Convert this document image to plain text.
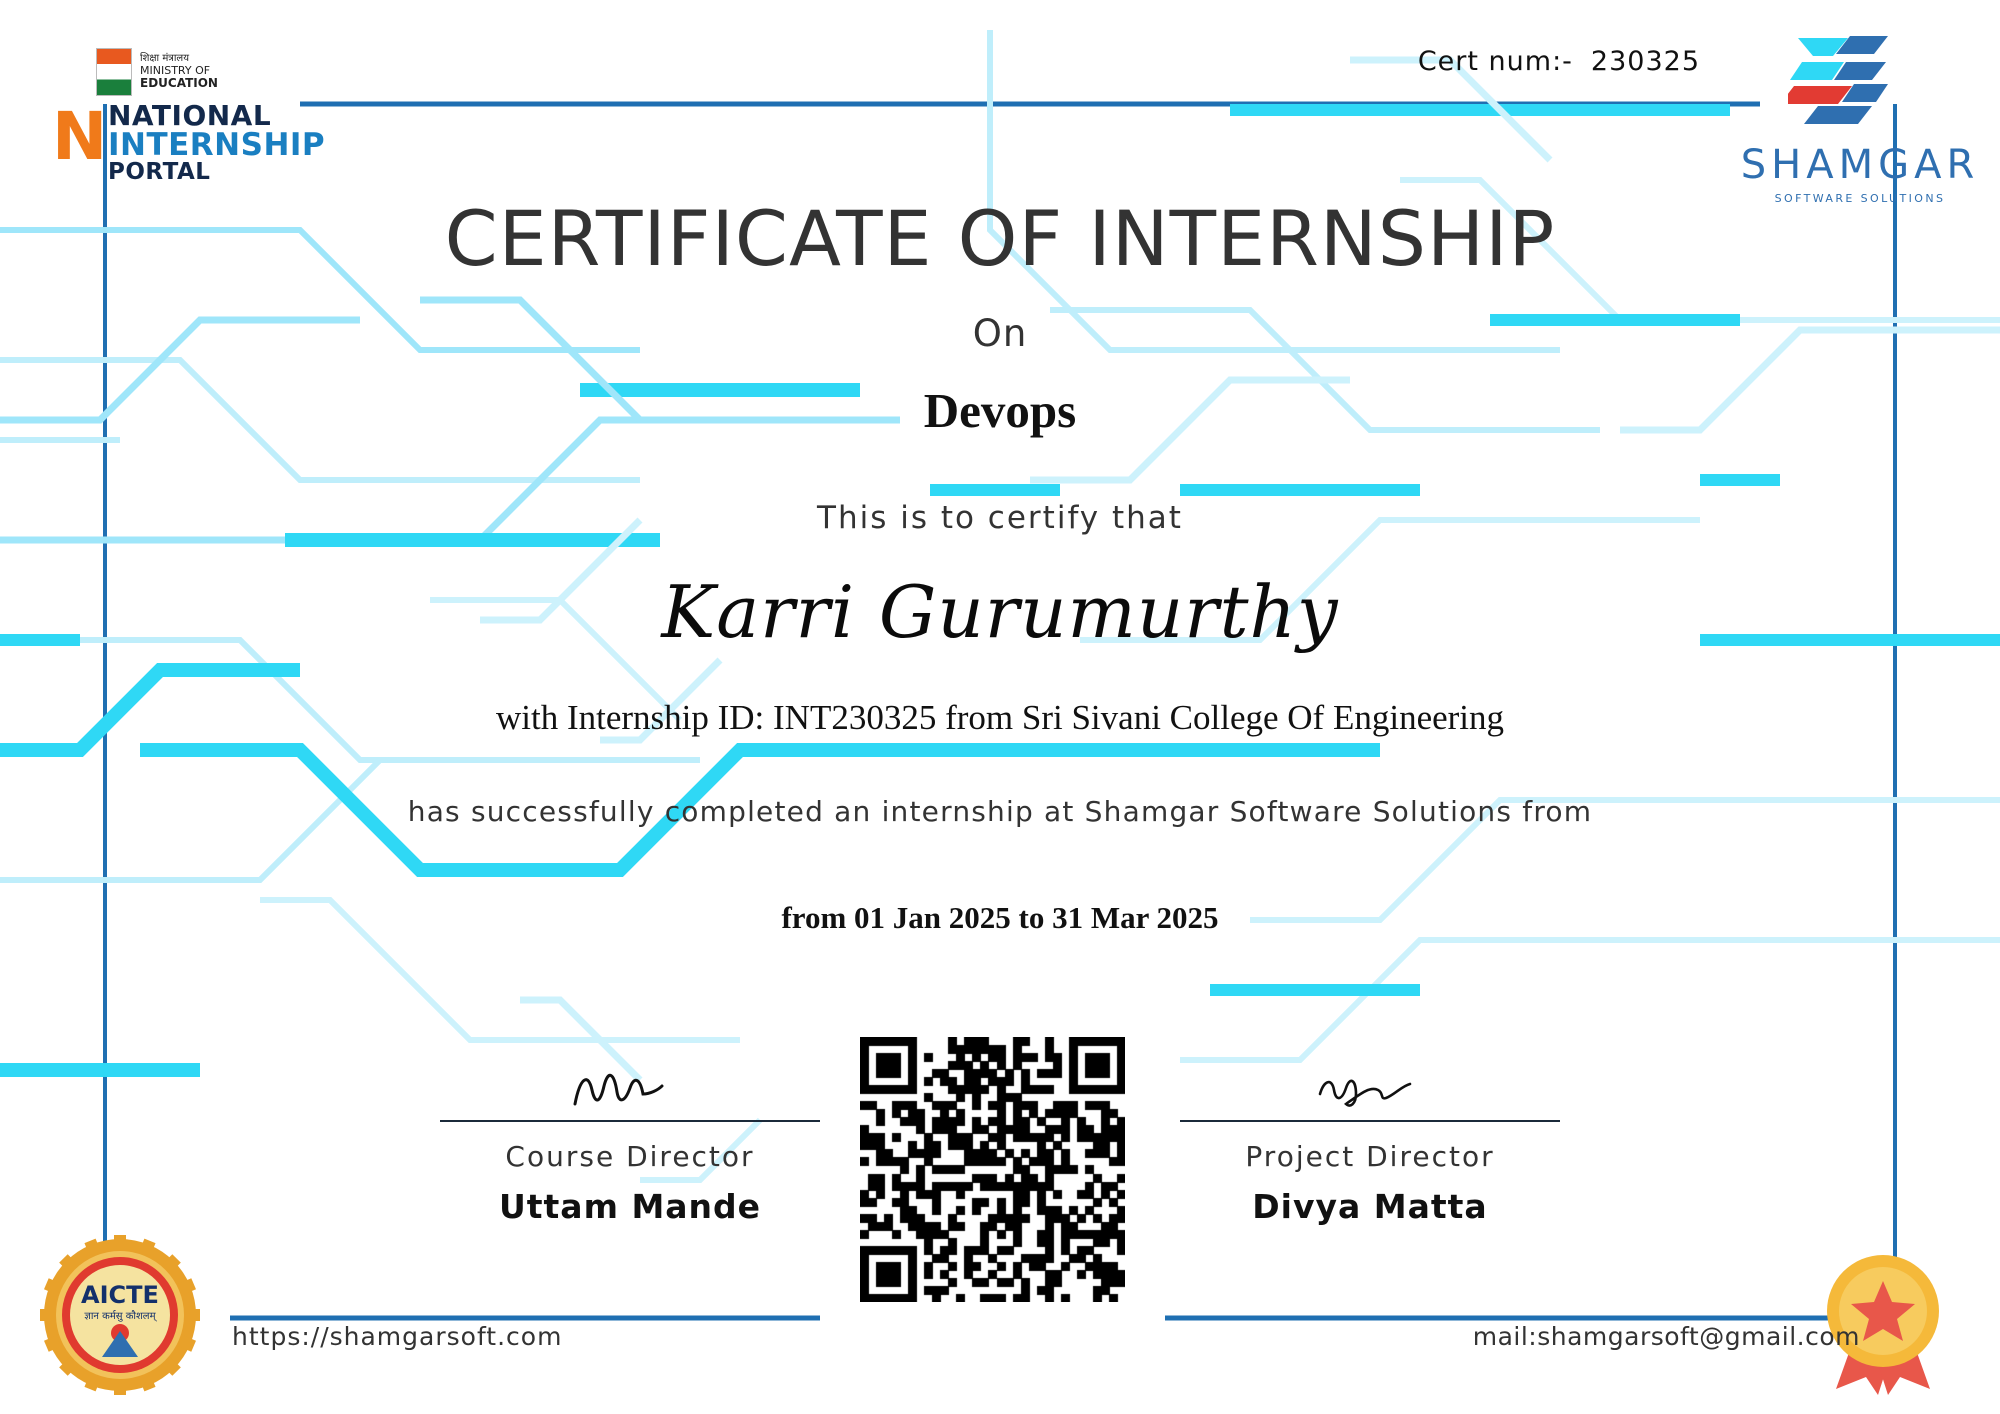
शिक्षा मंत्रालय
MINISTRY OF
EDUCATION
N NATIONAL
INTERNSHIP
PORTAL	SHAMGAR
SOFTWARE SOLUTIONS
Cert num:- 230325
CERTIFICATE OF INTERNSHIP
On
Devops
This is to certify that
Karri Gurumurthy
with Internship ID: INT230325 from Sri Sivani College Of Engineering
has successfully completed an internship at Shamgar Software Solutions from
from 01 Jan 2025 to 31 Mar 2025
Course Director
Uttam Mande
Project Director
Divya Matta
AICTE
ज्ञान कर्मसु कौशलम्
https://shamgarsoft.com	mail:shamgarsoft@gmail.com
